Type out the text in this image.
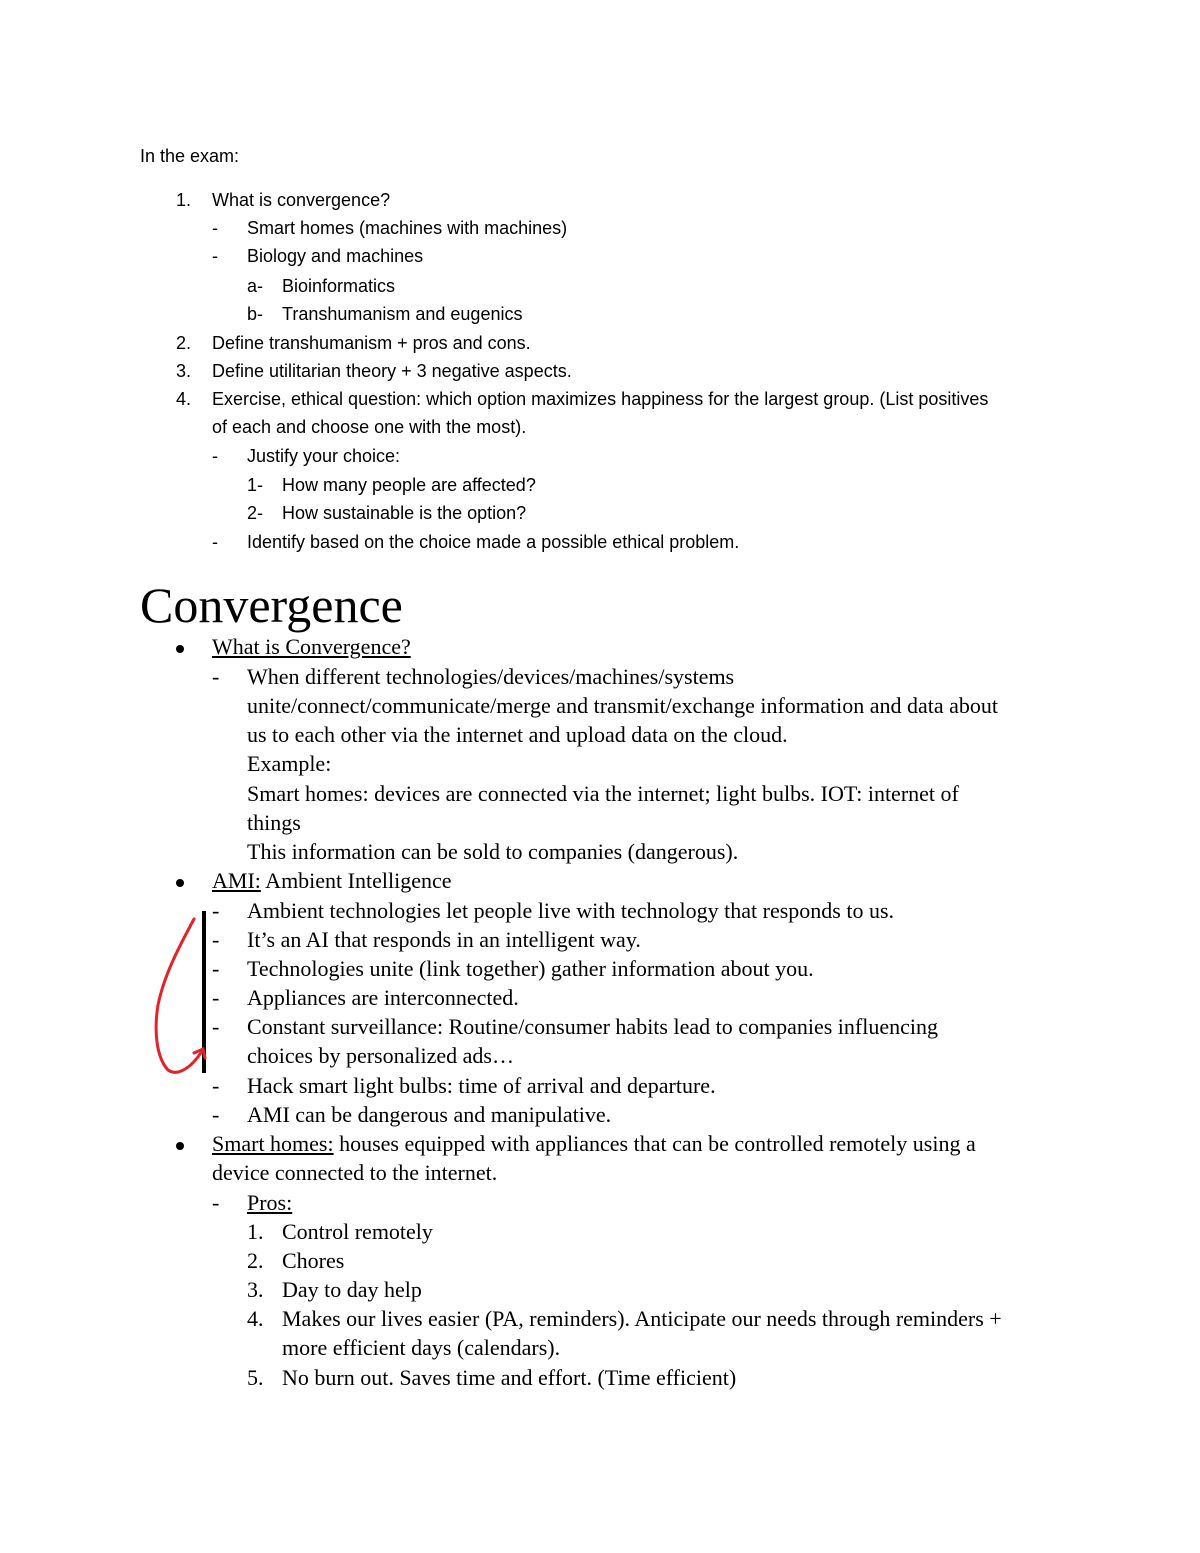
In the exam:
1. What is convergence?
- Smart homes (machines with machines)
- Biology and machines
a- Bioinformatics
b- Transhumanism and eugenics
2. Define transhumanism + pros and cons.
3. Define utilitarian theory + 3 negative aspects.
4. Exercise, ethical question: which option maximizes happiness for the largest group. (List positives
of each and choose one with the most).
- Justify your choice:
1- How many people are affected?
2- How sustainable is the option?
- Identify based on the choice made a possible ethical problem.
Convergence
What is Convergence?
- When different technologies/devices/machines/systems
unite/connect/communicate/merge and transmit/exchange information and data about
us to each other via the internet and upload data on the cloud.
Example:
Smart homes: devices are connected via the internet; light bulbs. IOT: internet of
things
This information can be sold to companies (dangerous).
AMI: Ambient Intelligence
- Ambient technologies let people live with technology that responds to us.
- It’s an AI that responds in an intelligent way.
- Technologies unite (link together) gather information about you.
- Appliances are interconnected.
- Constant surveillance: Routine/consumer habits lead to companies influencing
choices by personalized ads…
- Hack smart light bulbs: time of arrival and departure.
- AMI can be dangerous and manipulative.
Smart homes: houses equipped with appliances that can be controlled remotely using a
device connected to the internet.
- Pros:
1. Control remotely
2. Chores
3. Day to day help
4. Makes our lives easier (PA, reminders). Anticipate our needs through reminders +
more efficient days (calendars).
5. No burn out. Saves time and effort. (Time efficient)
